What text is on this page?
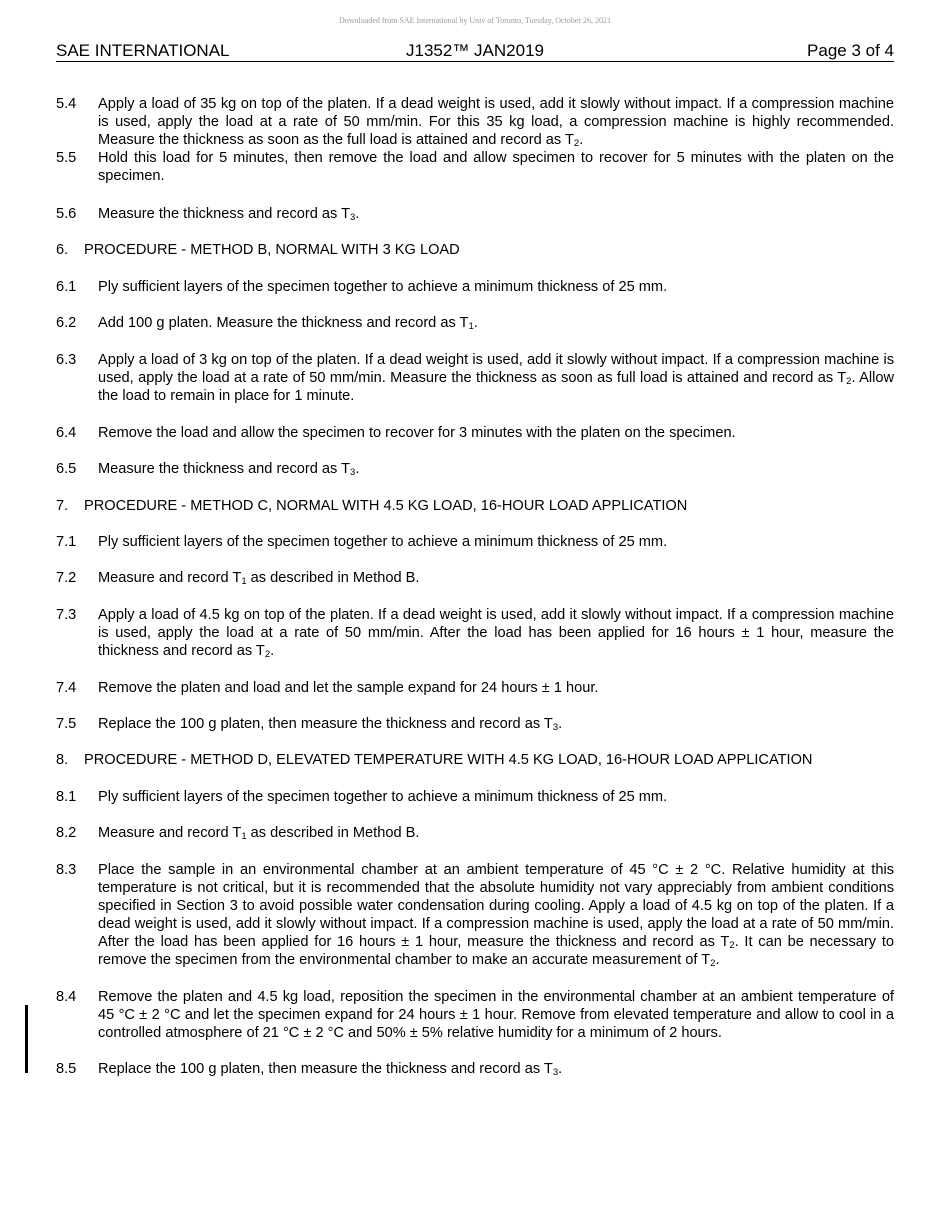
Downloaded from SAE International by Univ of Toronto, Tuesday, October 26, 2021
SAE INTERNATIONAL	J1352™ JAN2019	Page 3 of 4
5.4	Apply a load of 35 kg on top of the platen. If a dead weight is used, add it slowly without impact. If a compression machine is used, apply the load at a rate of 50 mm/min. For this 35 kg load, a compression machine is highly recommended. Measure the thickness as soon as the full load is attained and record as $T_2$.
5.5	Hold this load for 5 minutes, then remove the load and allow specimen to recover for 5 minutes with the platen on the specimen.
5.6	Measure the thickness and record as $T_3$.
6. PROCEDURE - METHOD B, NORMAL WITH 3 KG LOAD
6.1	Ply sufficient layers of the specimen together to achieve a minimum thickness of 25 mm.
6.2	Add 100 g platen. Measure the thickness and record as $T_1$.
6.3	Apply a load of 3 kg on top of the platen. If a dead weight is used, add it slowly without impact. If a compression machine is used, apply the load at a rate of 50 mm/min. Measure the thickness as soon as full load is attained and record as $T_2$. Allow the load to remain in place for 1 minute.
6.4	Remove the load and allow the specimen to recover for 3 minutes with the platen on the specimen.
6.5	Measure the thickness and record as $T_3$.
7. PROCEDURE - METHOD C, NORMAL WITH 4.5 KG LOAD, 16-HOUR LOAD APPLICATION
7.1	Ply sufficient layers of the specimen together to achieve a minimum thickness of 25 mm.
7.2	Measure and record $T_1$ as described in Method B.
7.3	Apply a load of 4.5 kg on top of the platen. If a dead weight is used, add it slowly without impact. If a compression machine is used, apply the load at a rate of 50 mm/min. After the load has been applied for 16 hours ± 1 hour, measure the thickness and record as $T_2$.
7.4	Remove the platen and load and let the sample expand for 24 hours ± 1 hour.
7.5	Replace the 100 g platen, then measure the thickness and record as $T_3$.
8. PROCEDURE - METHOD D, ELEVATED TEMPERATURE WITH 4.5 KG LOAD, 16-HOUR LOAD APPLICATION
8.1	Ply sufficient layers of the specimen together to achieve a minimum thickness of 25 mm.
8.2	Measure and record $T_1$ as described in Method B.
8.3	Place the sample in an environmental chamber at an ambient temperature of 45 °C ± 2 °C. Relative humidity at this temperature is not critical, but it is recommended that the absolute humidity not vary appreciably from ambient conditions specified in Section 3 to avoid possible water condensation during cooling. Apply a load of 4.5 kg on top of the platen. If a dead weight is used, add it slowly without impact. If a compression machine is used, apply the load at a rate of 50 mm/min. After the load has been applied for 16 hours ± 1 hour, measure the thickness and record as $T_2$. It can be necessary to remove the specimen from the environmental chamber to make an accurate measurement of $T_2$.
8.4	Remove the platen and 4.5 kg load, reposition the specimen in the environmental chamber at an ambient temperature of 45 °C ± 2 °C and let the specimen expand for 24 hours ± 1 hour. Remove from elevated temperature and allow to cool in a controlled atmosphere of 21 °C ± 2 °C and 50% ± 5% relative humidity for a minimum of 2 hours.
8.5	Replace the 100 g platen, then measure the thickness and record as $T_3$.
